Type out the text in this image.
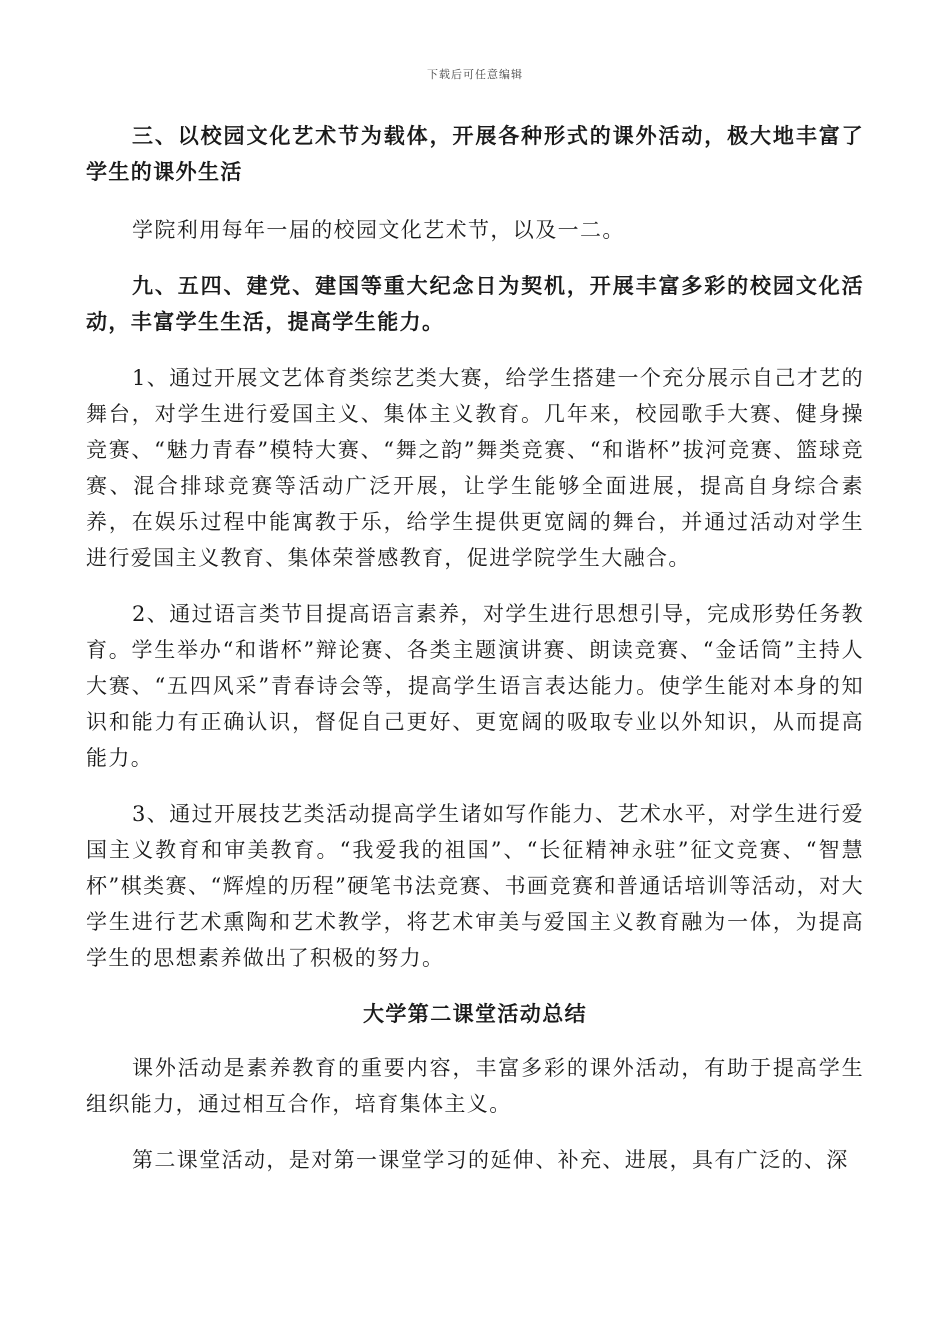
下载后可任意编辑

三、以校园文化艺术节为载体，开展各种形式的课外活动，极大地丰富了学生的课外生活

学院利用每年一届的校园文化艺术节，以及一二。

九、五四、建党、建国等重大纪念日为契机，开展丰富多彩的校园文化活动，丰富学生生活，提高学生能力。

1、通过开展文艺体育类综艺类大赛，给学生搭建一个充分展示自己才艺的舞台，对学生进行爱国主义、集体主义教育。几年来，校园歌手大赛、健身操竞赛、“魅力青春”模特大赛、“舞之韵”舞类竞赛、“和谐杯”拔河竞赛、篮球竞赛、混合排球竞赛等活动广泛开展，让学生能够全面进展，提高自身综合素养，在娱乐过程中能寓教于乐，给学生提供更宽阔的舞台，并通过活动对学生进行爱国主义教育、集体荣誉感教育，促进学院学生大融合。

2、通过语言类节目提高语言素养，对学生进行思想引导，完成形势任务教育。学生举办“和谐杯”辩论赛、各类主题演讲赛、朗读竞赛、“金话筒”主持人大赛、“五四风采”青春诗会等，提高学生语言表达能力。使学生能对本身的知识和能力有正确认识，督促自己更好、更宽阔的吸取专业以外知识，从而提高能力。

3、通过开展技艺类活动提高学生诸如写作能力、艺术水平，对学生进行爱国主义教育和审美教育。“我爱我的祖国”、“长征精神永驻”征文竞赛、“智慧杯”棋类赛、“辉煌的历程”硬笔书法竞赛、书画竞赛和普通话培训等活动，对大学生进行艺术熏陶和艺术教学，将艺术审美与爱国主义教育融为一体，为提高学生的思想素养做出了积极的努力。

大学第二课堂活动总结

课外活动是素养教育的重要内容，丰富多彩的课外活动，有助于提高学生组织能力，通过相互合作，培育集体主义。

第二课堂活动，是对第一课堂学习的延伸、补充、进展，具有广泛的、深
